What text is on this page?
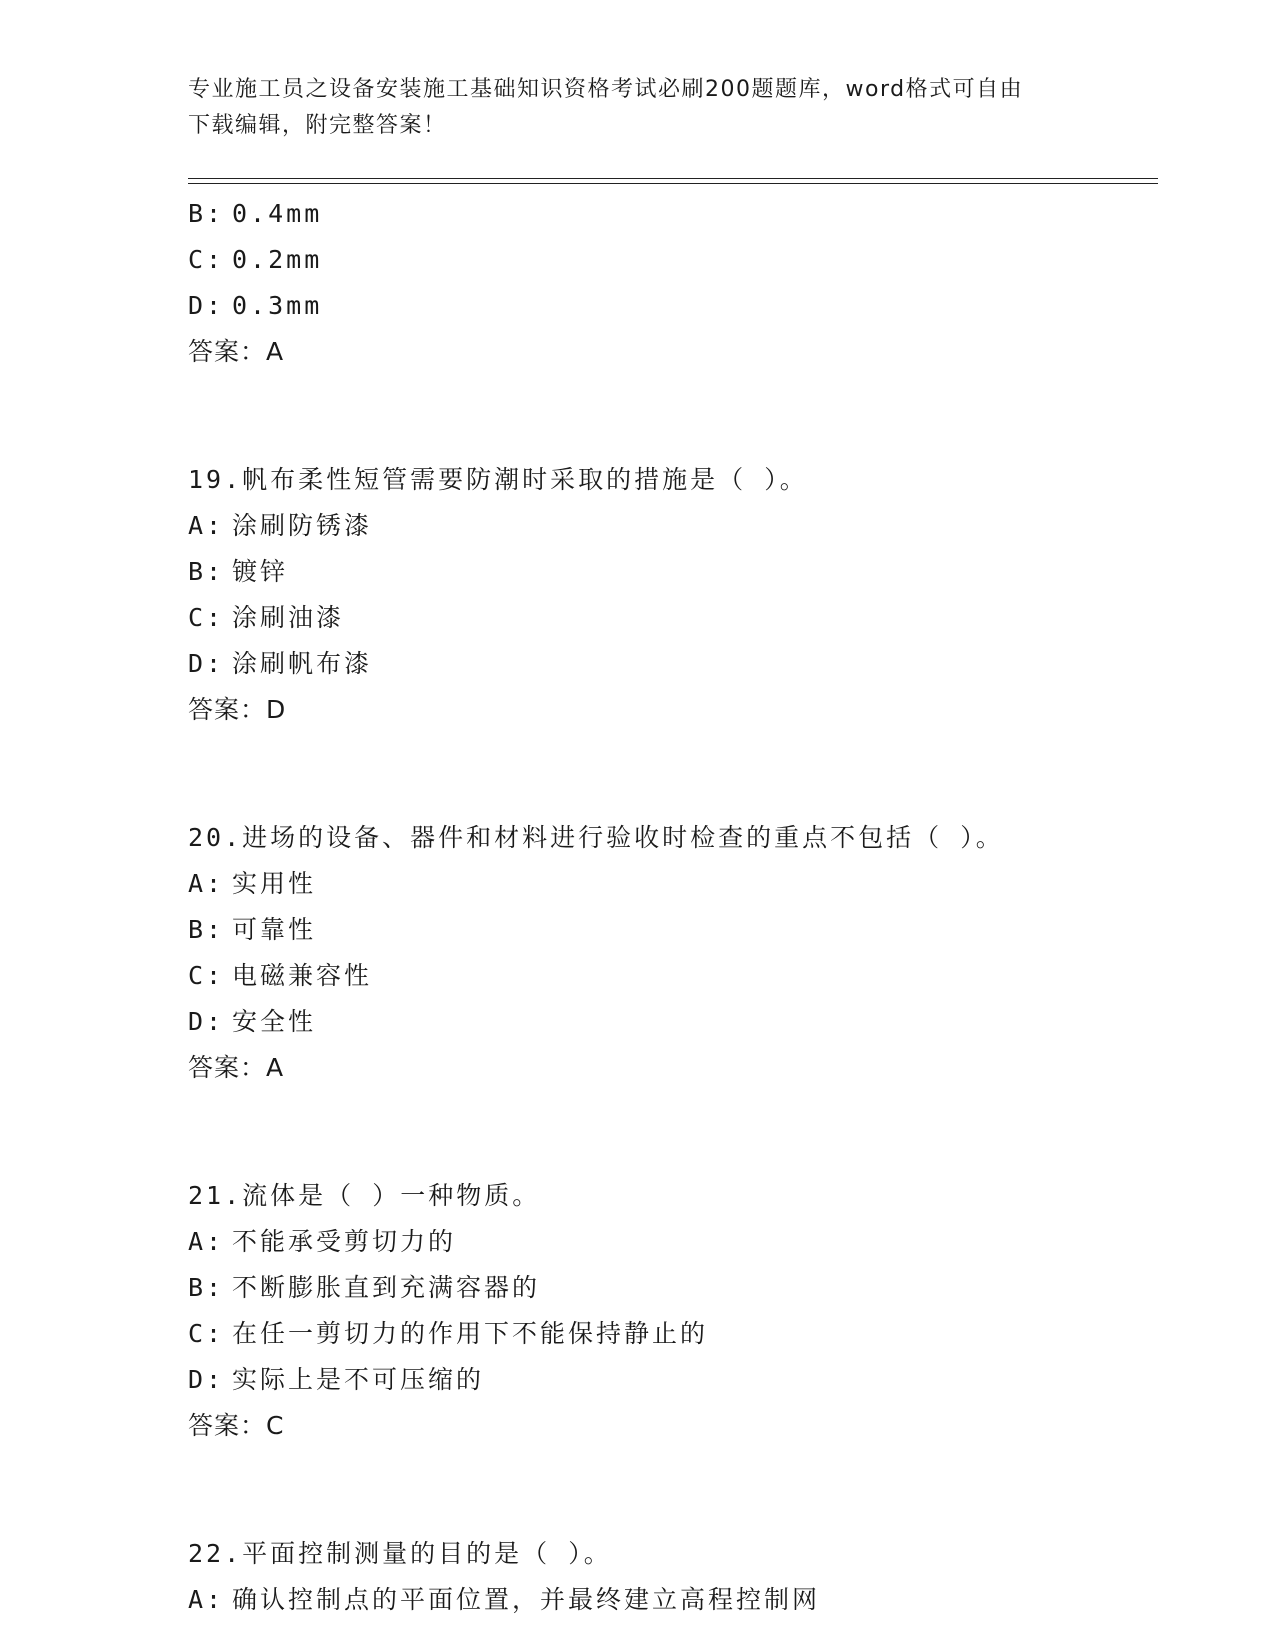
专业施工员之设备安装施工基础知识资格考试必刷200题题库，word格式可自由
下载编辑，附完整答案！
B: 0.4mm
C: 0.2mm
D: 0.3mm
答案：A
19.帆布柔性短管需要防潮时采取的措施是（ ）。
A: 涂刷防锈漆
B: 镀锌
C: 涂刷油漆
D: 涂刷帆布漆
答案：D
20.进场的设备、器件和材料进行验收时检查的重点不包括（ ）。
A: 实用性
B: 可靠性
C: 电磁兼容性
D: 安全性
答案：A
21.流体是（ ）一种物质。
A: 不能承受剪切力的
B: 不断膨胀直到充满容器的
C: 在任一剪切力的作用下不能保持静止的
D: 实际上是不可压缩的
答案：C
22.平面控制测量的目的是（ ）。
A: 确认控制点的平面位置，并最终建立高程控制网
